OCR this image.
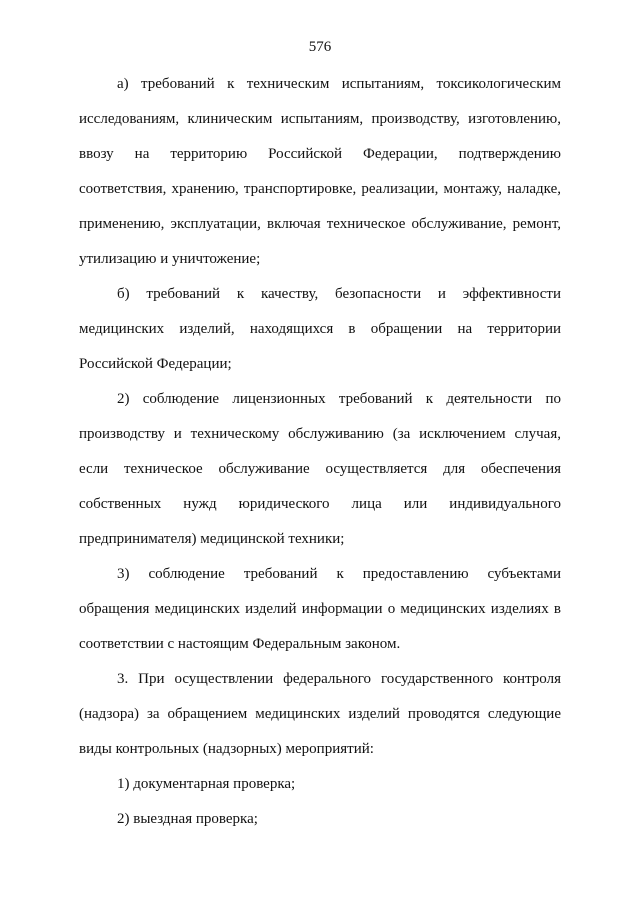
576

а) требований к техническим испытаниям, токсикологическим
исследованиям, клиническим испытаниям, производству, изготовлению,
ввозу на территорию Российской Федерации, подтверждению
соответствия, хранению, транспортировке, реализации, монтажу, наладке,
применению, эксплуатации, включая техническое обслуживание, ремонт,
утилизацию и уничтожение;

б) требований к качеству, безопасности и эффективности
медицинских изделий, находящихся в обращении на территории
Российской Федерации;

2) соблюдение лицензионных требований к деятельности по
производству и техническому обслуживанию (за исключением случая,
если техническое обслуживание осуществляется для обеспечения
собственных нужд юридического лица или индивидуального
предпринимателя) медицинской техники;

3) соблюдение требований к предоставлению субъектами
обращения медицинских изделий информации о медицинских изделиях в
соответствии с настоящим Федеральным законом.

3. При осуществлении федерального государственного контроля
(надзора) за обращением медицинских изделий проводятся следующие
виды контрольных (надзорных) мероприятий:

1) документарная проверка;

2) выездная проверка;
